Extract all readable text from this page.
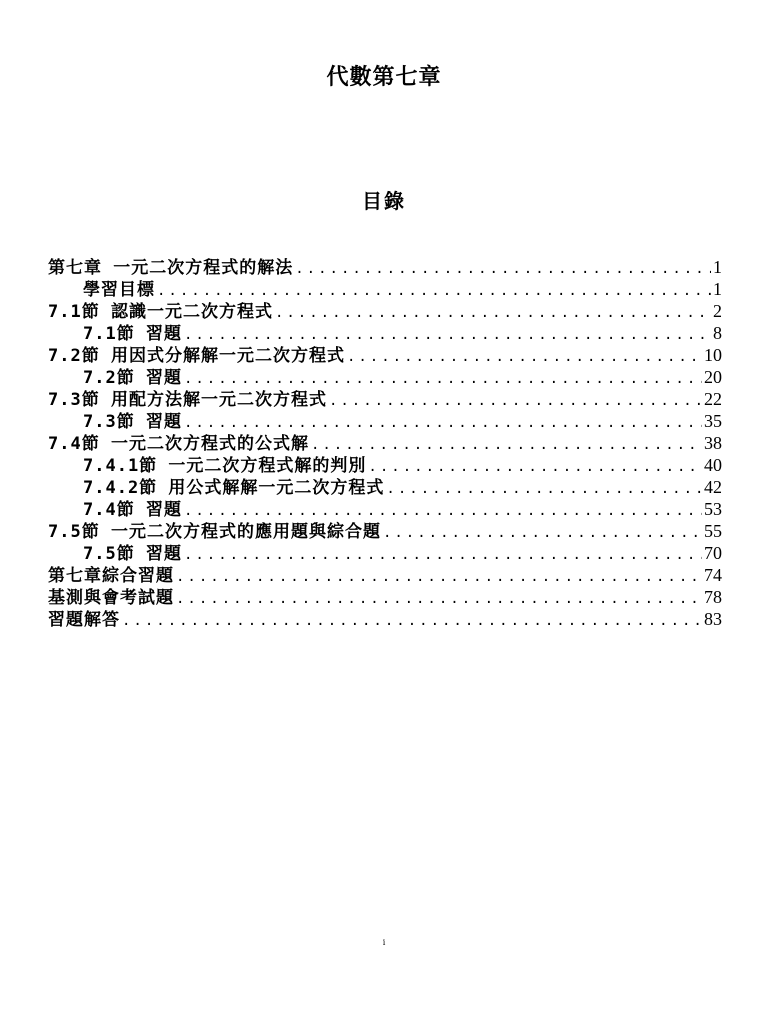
代數第七章
目錄
第七章 一元二次方程式的解法 .....	1
學習目標 .....	1
7.1節 認識一元二次方程式 .....	2
7.1節 習題 .....	8
7.2節 用因式分解解一元二次方程式 .....	10
7.2節 習題 .....	20
7.3節 用配方法解一元二次方程式 .....	22
7.3節 習題 .....	35
7.4節 一元二次方程式的公式解 .....	38
7.4.1節 一元二次方程式解的判別 .....	40
7.4.2節 用公式解解一元二次方程式 .....	42
7.4節 習題 .....	53
7.5節 一元二次方程式的應用題與綜合題 .....	55
7.5節 習題 .....	70
第七章綜合習題 .....	74
基測與會考試題 .....	78
習題解答 .....	83
i
